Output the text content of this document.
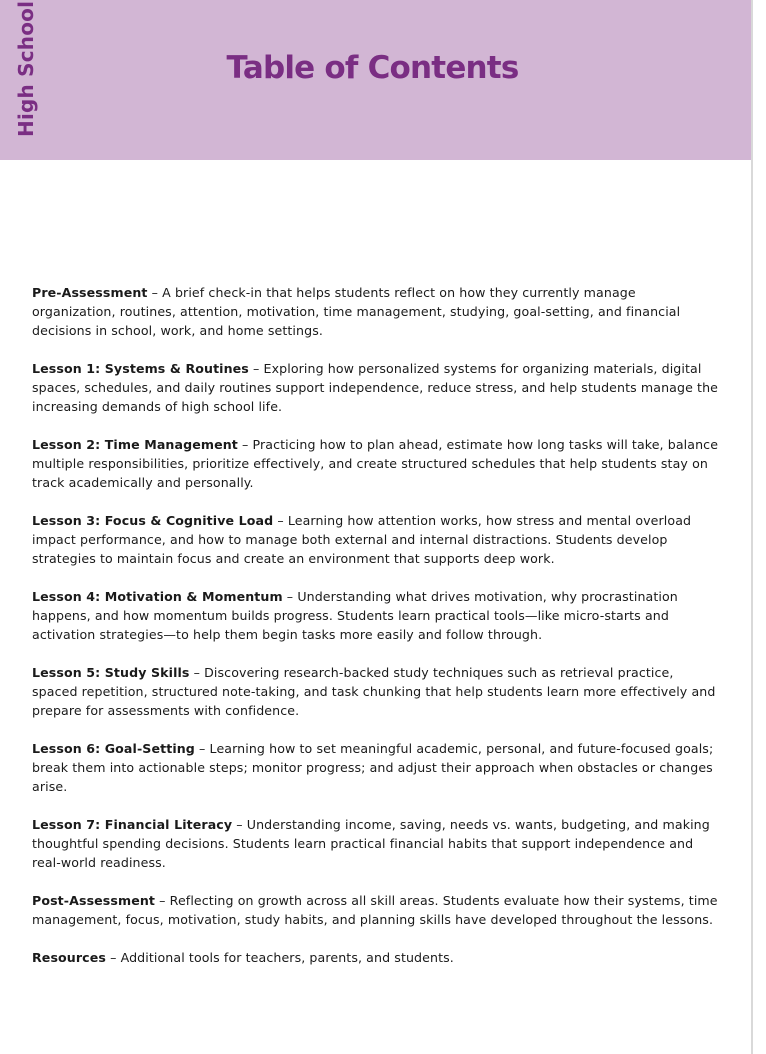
High School	Table of Contents

Pre-Assessment – A brief check-in that helps students reflect on how they currently manage organization, routines, attention, motivation, time management, studying, goal-setting, and financial decisions in school, work, and home settings.

Lesson 1: Systems & Routines – Exploring how personalized systems for organizing materials, digital spaces, schedules, and daily routines support independence, reduce stress, and help students manage the increasing demands of high school life.

Lesson 2: Time Management – Practicing how to plan ahead, estimate how long tasks will take, balance multiple responsibilities, prioritize effectively, and create structured schedules that help students stay on track academically and personally.

Lesson 3: Focus & Cognitive Load – Learning how attention works, how stress and mental overload impact performance, and how to manage both external and internal distractions. Students develop strategies to maintain focus and create an environment that supports deep work.

Lesson 4: Motivation & Momentum – Understanding what drives motivation, why procrastination happens, and how momentum builds progress. Students learn practical tools—like micro-starts and activation strategies—to help them begin tasks more easily and follow through.

Lesson 5: Study Skills – Discovering research-backed study techniques such as retrieval practice, spaced repetition, structured note-taking, and task chunking that help students learn more effectively and prepare for assessments with confidence.

Lesson 6: Goal-Setting – Learning how to set meaningful academic, personal, and future-focused goals; break them into actionable steps; monitor progress; and adjust their approach when obstacles or changes arise.

Lesson 7: Financial Literacy – Understanding income, saving, needs vs. wants, budgeting, and making thoughtful spending decisions. Students learn practical financial habits that support independence and real-world readiness.

Post-Assessment – Reflecting on growth across all skill areas. Students evaluate how their systems, time management, focus, motivation, study habits, and planning skills have developed throughout the lessons.

Resources – Additional tools for teachers, parents, and students.
